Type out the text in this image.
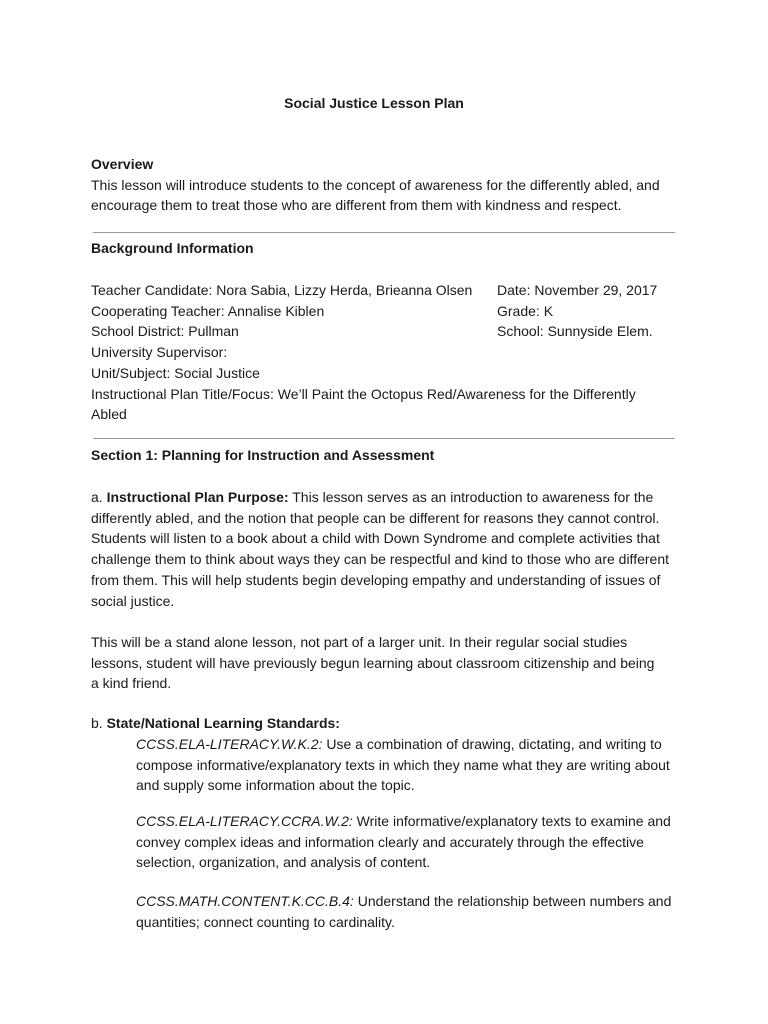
Social Justice Lesson Plan

Overview

This lesson will introduce students to the concept of awareness for the differently abled, and encourage them to treat those who are different from them with kindness and respect.

Background Information

Teacher Candidate: Nora Sabia, Lizzy Herda, Brieanna Olsen Date: November 29, 2017
Cooperating Teacher: Annalise Kiblen	Grade: K
School District: Pullman	School: Sunnyside Elem.
University Supervisor:
Unit/Subject: Social Justice

Instructional Plan Title/Focus: We’ll Paint the Octopus Red/Awareness for the Differently Abled

Section 1: Planning for Instruction and Assessment

a. Instructional Plan Purpose: This lesson serves as an introduction to awareness for the differently abled, and the notion that people can be different for reasons they cannot control. Students will listen to a book about a child with Down Syndrome and complete activities that challenge them to think about ways they can be respectful and kind to those who are different from them. This will help students begin developing empathy and understanding of issues of social justice.

This will be a stand alone lesson, not part of a larger unit. In their regular social studies lessons, student will have previously begun learning about classroom citizenship and being a kind friend.

b. State/National Learning Standards:

CCSS.ELA-LITERACY.W.K.2: Use a combination of drawing, dictating, and writing to compose informative/explanatory texts in which they name what they are writing about and supply some information about the topic.

CCSS.ELA-LITERACY.CCRA.W.2: Write informative/explanatory texts to examine and convey complex ideas and information clearly and accurately through the effective selection, organization, and analysis of content.

CCSS.MATH.CONTENT.K.CC.B.4: Understand the relationship between numbers and quantities; connect counting to cardinality.
